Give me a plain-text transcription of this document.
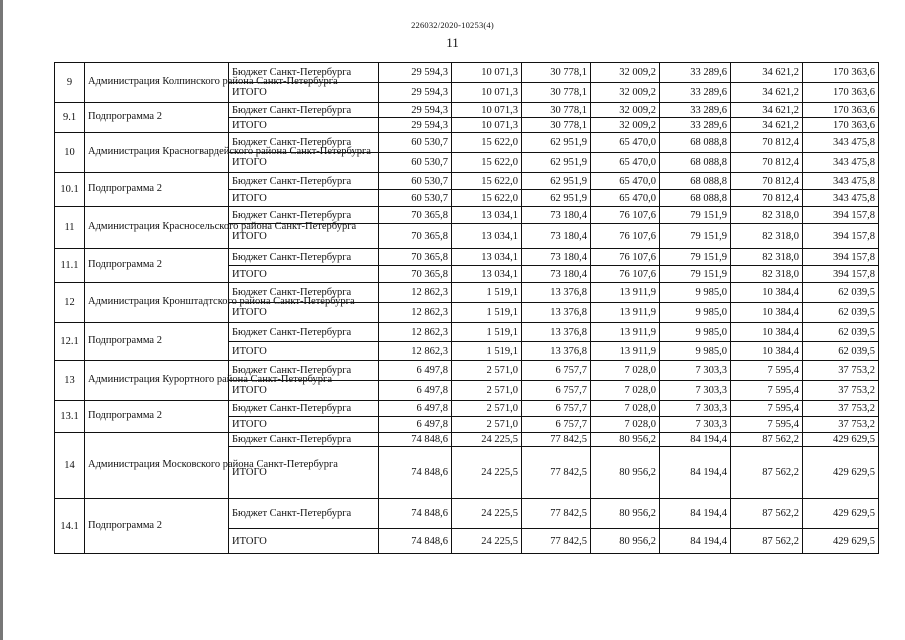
226032/2020-10253(4)
11
9	Администрация Колпинского района Санкт-Петербурга	Бюджет Санкт-Петербурга	29 594,3	10 071,3	30 778,1	32 009,2	33 289,6	34 621,2	170 363,6
		ИТОГО	29 594,3	10 071,3	30 778,1	32 009,2	33 289,6	34 621,2	170 363,6
9.1	Подпрограмма 2	Бюджет Санкт-Петербурга	29 594,3	10 071,3	30 778,1	32 009,2	33 289,6	34 621,2	170 363,6
		ИТОГО	29 594,3	10 071,3	30 778,1	32 009,2	33 289,6	34 621,2	170 363,6
10	Администрация Красногвардейского района Санкт-Петербурга	Бюджет Санкт-Петербурга	60 530,7	15 622,0	62 951,9	65 470,0	68 088,8	70 812,4	343 475,8
		ИТОГО	60 530,7	15 622,0	62 951,9	65 470,0	68 088,8	70 812,4	343 475,8
10.1	Подпрограмма 2	Бюджет Санкт-Петербурга	60 530,7	15 622,0	62 951,9	65 470,0	68 088,8	70 812,4	343 475,8
		ИТОГО	60 530,7	15 622,0	62 951,9	65 470,0	68 088,8	70 812,4	343 475,8
11	Администрация Красносельского района Санкт-Петербурга	Бюджет Санкт-Петербурга	70 365,8	13 034,1	73 180,4	76 107,6	79 151,9	82 318,0	394 157,8
		ИТОГО	70 365,8	13 034,1	73 180,4	76 107,6	79 151,9	82 318,0	394 157,8
11.1	Подпрограмма 2	Бюджет Санкт-Петербурга	70 365,8	13 034,1	73 180,4	76 107,6	79 151,9	82 318,0	394 157,8
		ИТОГО	70 365,8	13 034,1	73 180,4	76 107,6	79 151,9	82 318,0	394 157,8
12	Администрация Кронштадтского района Санкт-Петербурга	Бюджет Санкт-Петербурга	12 862,3	1 519,1	13 376,8	13 911,9	9 985,0	10 384,4	62 039,5
		ИТОГО	12 862,3	1 519,1	13 376,8	13 911,9	9 985,0	10 384,4	62 039,5
12.1	Подпрограмма 2	Бюджет Санкт-Петербурга	12 862,3	1 519,1	13 376,8	13 911,9	9 985,0	10 384,4	62 039,5
		ИТОГО	12 862,3	1 519,1	13 376,8	13 911,9	9 985,0	10 384,4	62 039,5
13	Администрация Курортного района Санкт-Петербурга	Бюджет Санкт-Петербурга	6 497,8	2 571,0	6 757,7	7 028,0	7 303,3	7 595,4	37 753,2
		ИТОГО	6 497,8	2 571,0	6 757,7	7 028,0	7 303,3	7 595,4	37 753,2
13.1	Подпрограмма 2	Бюджет Санкт-Петербурга	6 497,8	2 571,0	6 757,7	7 028,0	7 303,3	7 595,4	37 753,2
		ИТОГО	6 497,8	2 571,0	6 757,7	7 028,0	7 303,3	7 595,4	37 753,2
14	Администрация Московского района Санкт-Петербурга	Бюджет Санкт-Петербурга	74 848,6	24 225,5	77 842,5	80 956,2	84 194,4	87 562,2	429 629,5
		ИТОГО	74 848,6	24 225,5	77 842,5	80 956,2	84 194,4	87 562,2	429 629,5
14.1	Подпрограмма 2	Бюджет Санкт-Петербурга	74 848,6	24 225,5	77 842,5	80 956,2	84 194,4	87 562,2	429 629,5
		ИТОГО	74 848,6	24 225,5	77 842,5	80 956,2	84 194,4	87 562,2	429 629,5
